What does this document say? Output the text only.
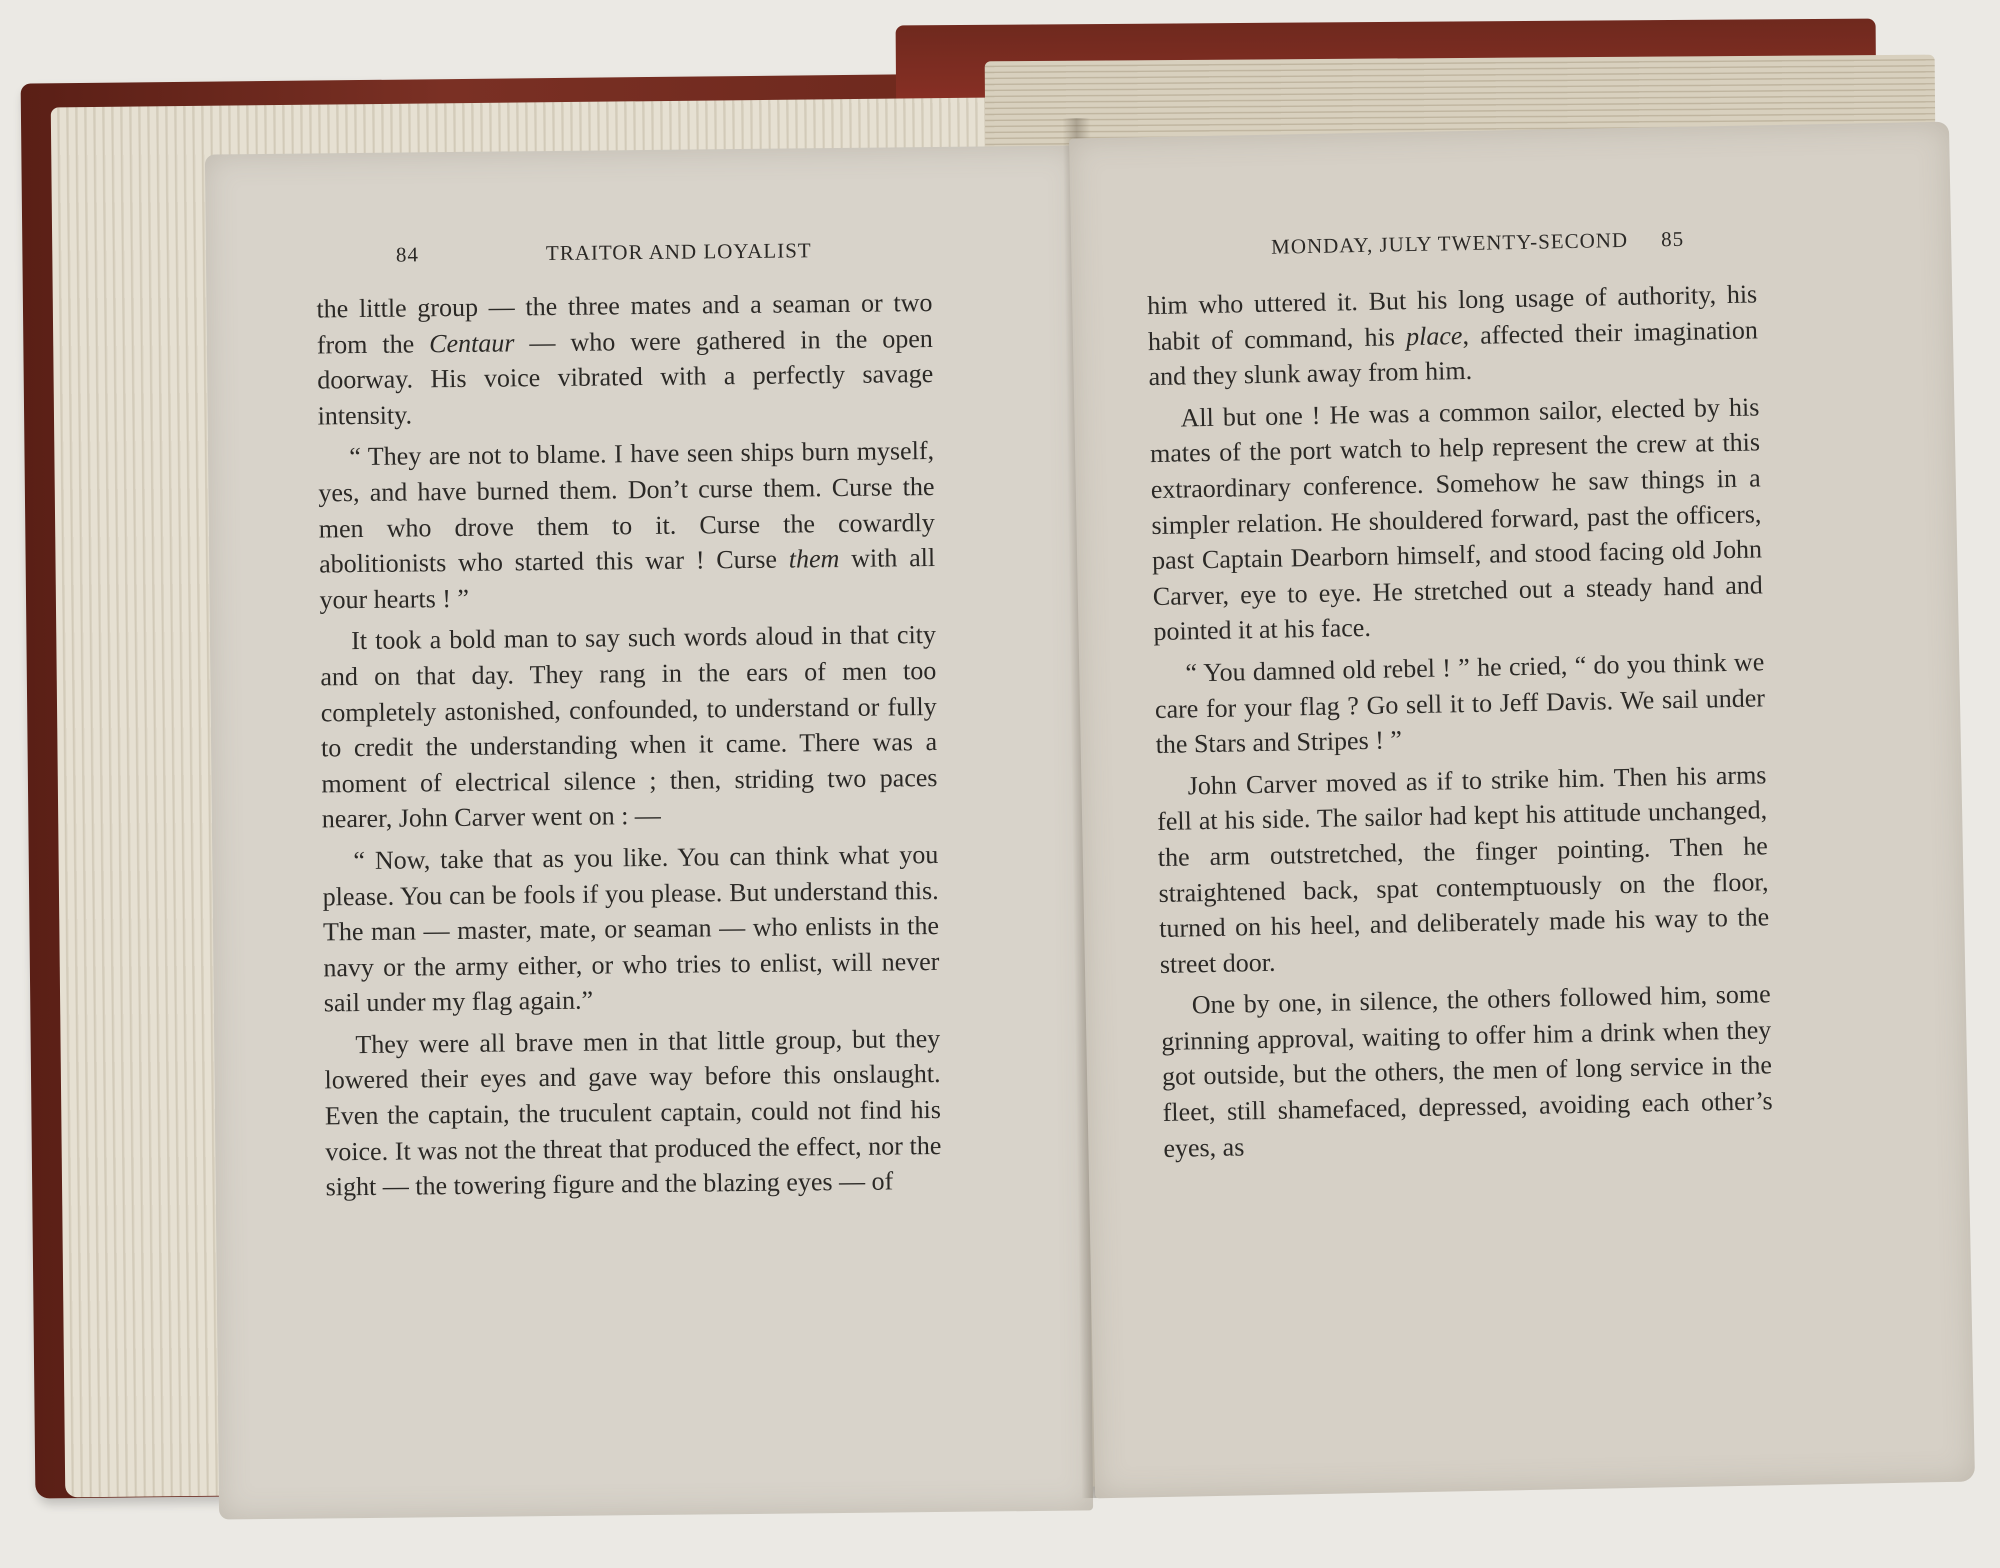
84	TRAITOR AND LOYALIST

the little group — the three mates and a seaman or two from the Centaur — who were gathered in the open doorway. His voice vibrated with a perfectly savage intensity.

“ They are not to blame. I have seen ships burn myself, yes, and have burned them. Don’t curse them. Curse the men who drove them to it. Curse the cowardly abolitionists who started this war ! Curse them with all your hearts ! ”

It took a bold man to say such words aloud in that city and on that day. They rang in the ears of men too completely astonished, confounded, to understand or fully to credit the understanding when it came. There was a moment of electrical silence ; then, striding two paces nearer, John Carver went on : —

“ Now, take that as you like. You can think what you please. You can be fools if you please. But understand this. The man — master, mate, or seaman — who enlists in the navy or the army either, or who tries to enlist, will never sail under my flag again.”

They were all brave men in that little group, but they lowered their eyes and gave way before this onslaught. Even the captain, the truculent captain, could not find his voice. It was not the threat that produced the effect, nor the sight — the towering figure and the blazing eyes — of

MONDAY, JULY TWENTY-SECOND 85

him who uttered it. But his long usage of authority, his habit of command, his place, affected their imagination and they slunk away from him.

All but one ! He was a common sailor, elected by his mates of the port watch to help represent the crew at this extraordinary conference. Somehow he saw things in a simpler relation. He shouldered forward, past the officers, past Captain Dearborn himself, and stood facing old John Carver, eye to eye. He stretched out a steady hand and pointed it at his face.

“ You damned old rebel ! ” he cried, “ do you think we care for your flag ? Go sell it to Jeff Davis. We sail under the Stars and Stripes ! ”

John Carver moved as if to strike him. Then his arms fell at his side. The sailor had kept his attitude unchanged, the arm outstretched, the finger pointing. Then he straightened back, spat contemptuously on the floor, turned on his heel, and deliberately made his way to the street door.

One by one, in silence, the others followed him, some grinning approval, waiting to offer him a drink when they got outside, but the others, the men of long service in the fleet, still shamefaced, depressed, avoiding each other’s eyes, as
